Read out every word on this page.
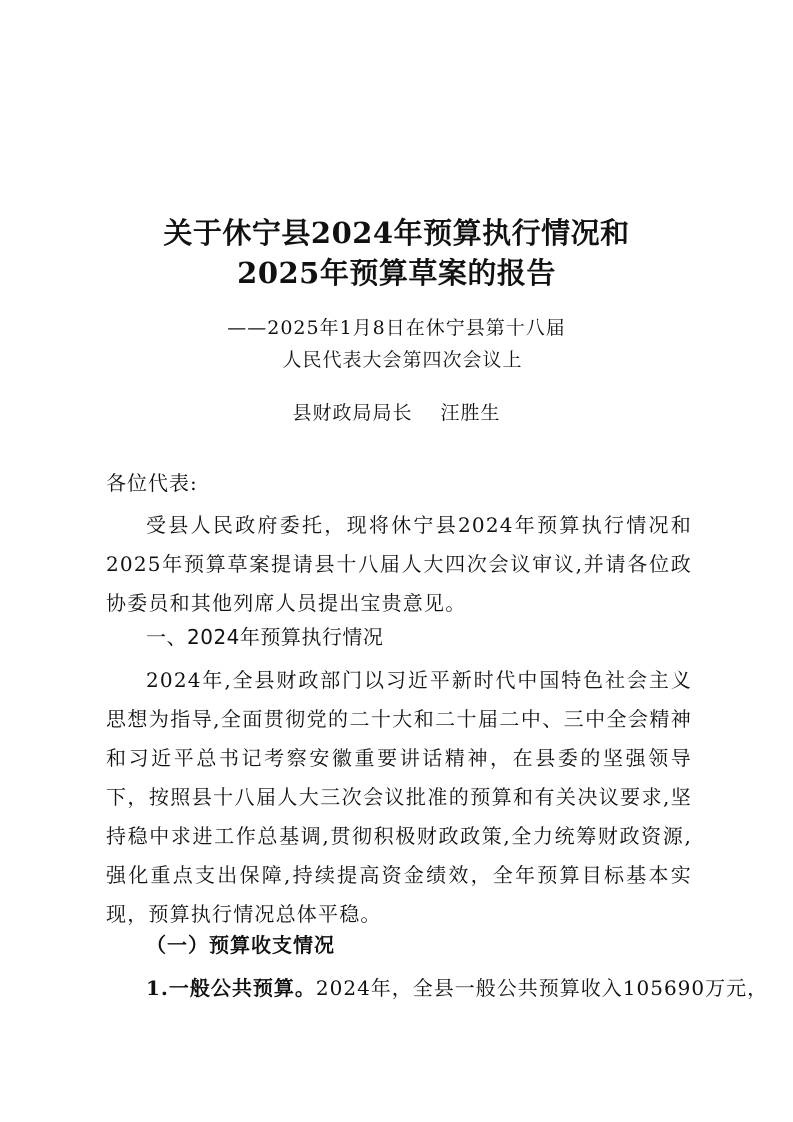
关于休宁县2024年预算执行情况和
2025年预算草案的报告
——2025年1月8日在休宁县第十八届
人民代表大会第四次会议上
县财政局局长 汪胜生
各位代表:
受县人民政府委托，现将休宁县2024年预算执行情况和2025年预算草案提请县十八届人大四次会议审议,并请各位政协委员和其他列席人员提出宝贵意见。
一、2024年预算执行情况
2024年,全县财政部门以习近平新时代中国特色社会主义思想为指导,全面贯彻党的二十大和二十届二中、三中全会精神和习近平总书记考察安徽重要讲话精神，在县委的坚强领导下，按照县十八届人大三次会议批准的预算和有关决议要求,坚持稳中求进工作总基调,贯彻积极财政政策,全力统筹财政资源,强化重点支出保障,持续提高资金绩效，全年预算目标基本实现，预算执行情况总体平稳。
（一）预算收支情况
1.一般公共预算。2024年，全县一般公共预算收入105690万元，
